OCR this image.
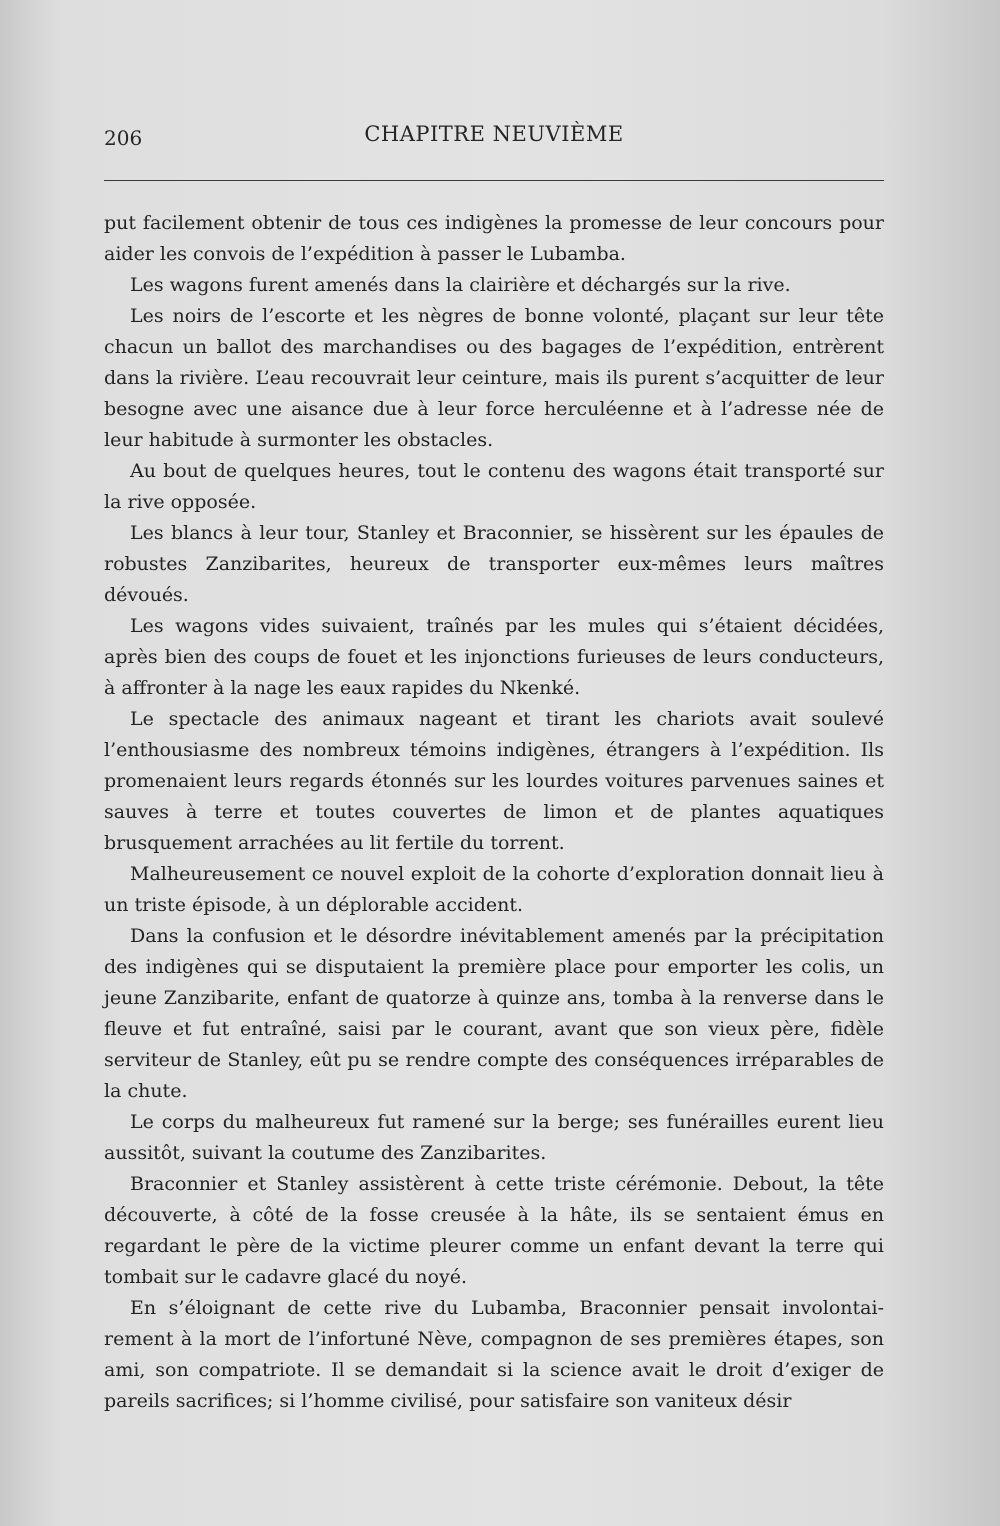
206	CHAPITRE NEUVIÈME

put facilement obtenir de tous ces indigènes la promesse de leur concours pour aider les convois de l’expédition à passer le Lubamba.

Les wagons furent amenés dans la clairière et déchargés sur la rive.

Les noirs de l’escorte et les nègres de bonne volonté, plaçant sur leur tête chacun un ballot des marchandises ou des bagages de l’expédition, entrèrent dans la rivière. L’eau recouvrait leur ceinture, mais ils purent s’acquitter de leur besogne avec une aisance due à leur force herculéenne et à l’adresse née de leur habitude à surmonter les obstacles.

Au bout de quelques heures, tout le contenu des wagons était transporté sur la rive opposée.

Les blancs à leur tour, Stanley et Braconnier, se hissèrent sur les épaules de robustes Zanzibarites, heureux de transporter eux-mêmes leurs maîtres dévoués.

Les wagons vides suivaient, traînés par les mules qui s’étaient décidées, après bien des coups de fouet et les injonctions furieuses de leurs conducteurs, à affronter à la nage les eaux rapides du Nkenké.

Le spectacle des animaux nageant et tirant les chariots avait soulevé l’enthousiasme des nombreux témoins indigènes, étrangers à l’expédition. Ils promenaient leurs regards étonnés sur les lourdes voitures parvenues saines et sauves à terre et toutes couvertes de limon et de plantes aquatiques brusquement arrachées au lit fertile du torrent.

Malheureusement ce nouvel exploit de la cohorte d’exploration donnait lieu à un triste épisode, à un déplorable accident.

Dans la confusion et le désordre inévitablement amenés par la précipitation des indigènes qui se disputaient la première place pour emporter les colis, un jeune Zanzibarite, enfant de quatorze à quinze ans, tomba à la renverse dans le fleuve et fut entraîné, saisi par le courant, avant que son vieux père, fidèle serviteur de Stanley, eût pu se rendre compte des conséquences irréparables de la chute.

Le corps du malheureux fut ramené sur la berge; ses funérailles eurent lieu aussitôt, suivant la coutume des Zanzibarites.

Braconnier et Stanley assistèrent à cette triste cérémonie. Debout, la tête découverte, à côté de la fosse creusée à la hâte, ils se sentaient émus en regardant le père de la victime pleurer comme un enfant devant la terre qui tombait sur le cadavre glacé du noyé.

En s’éloignant de cette rive du Lubamba, Braconnier pensait involontairement à la mort de l’infortuné Nève, compagnon de ses premières étapes, son ami, son compatriote. Il se demandait si la science avait le droit d’exiger de pareils sacrifices; si l’homme civilisé, pour satisfaire son vaniteux désir
